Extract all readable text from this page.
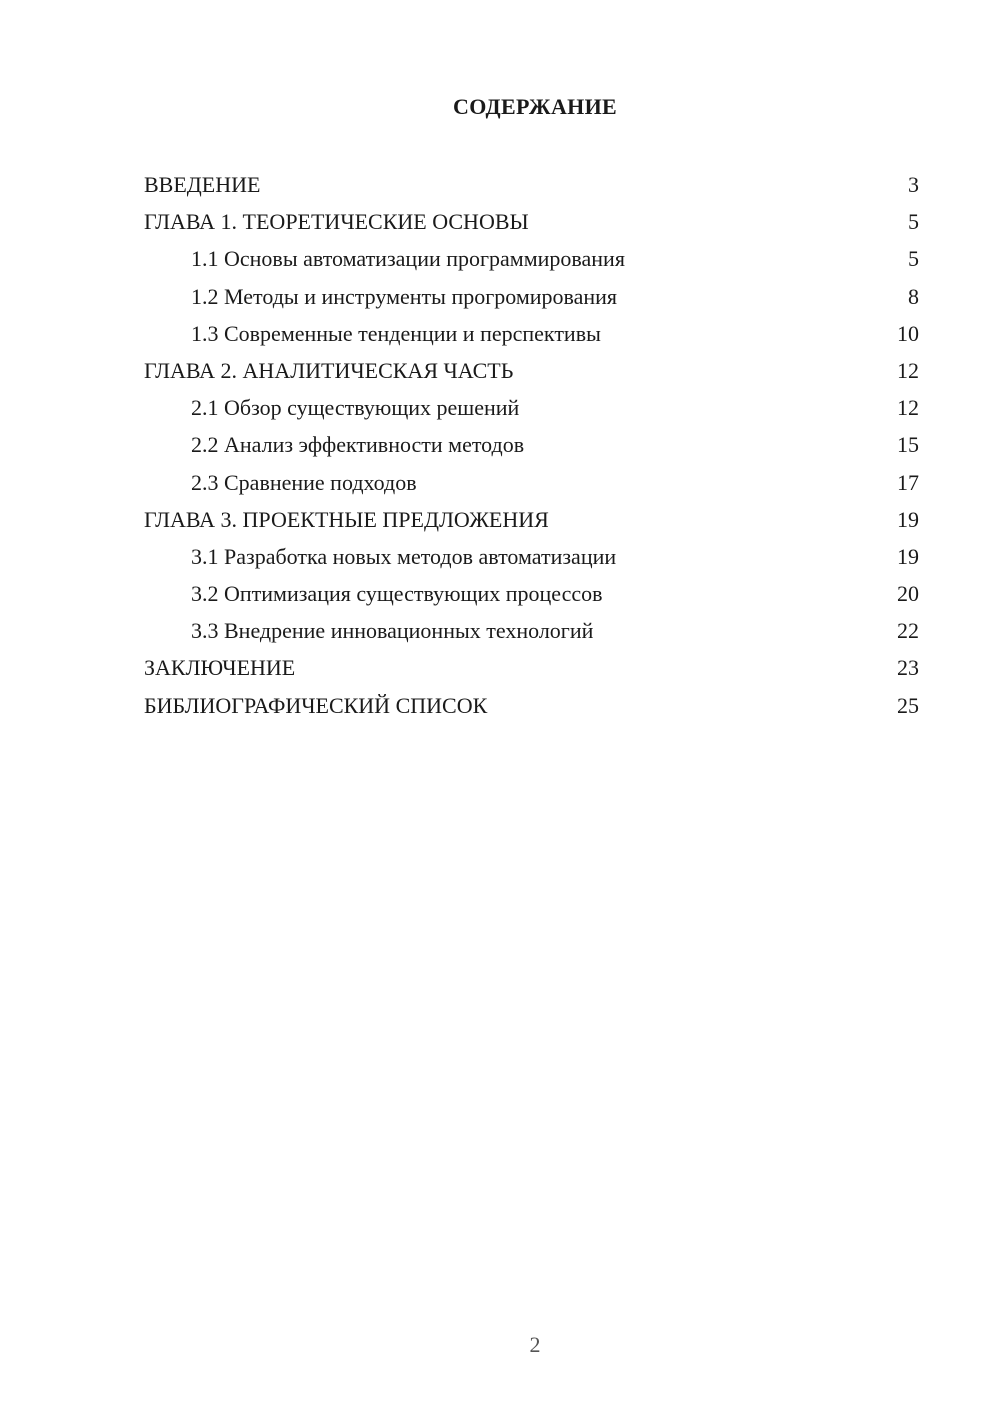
СОДЕРЖАНИЕ
ВВЕДЕНИЕ	3
ГЛАВА 1. ТЕОРЕТИЧЕСКИЕ ОСНОВЫ	5
1.1 Основы автоматизации программирования	5
1.2 Методы и инструменты прогромирования	8
1.3 Современные тенденции и перспективы	10
ГЛАВА 2. АНАЛИТИЧЕСКАЯ ЧАСТЬ	12
2.1 Обзор существующих решений	12
2.2 Анализ эффективности методов	15
2.3 Сравнение подходов	17
ГЛАВА 3. ПРОЕКТНЫЕ ПРЕДЛОЖЕНИЯ	19
3.1 Разработка новых методов автоматизации	19
3.2 Оптимизация существующих процессов	20
3.3 Внедрение инновационных технологий	22
ЗАКЛЮЧЕНИЕ	23
БИБЛИОГРАФИЧЕСКИЙ СПИСОК	25
2
